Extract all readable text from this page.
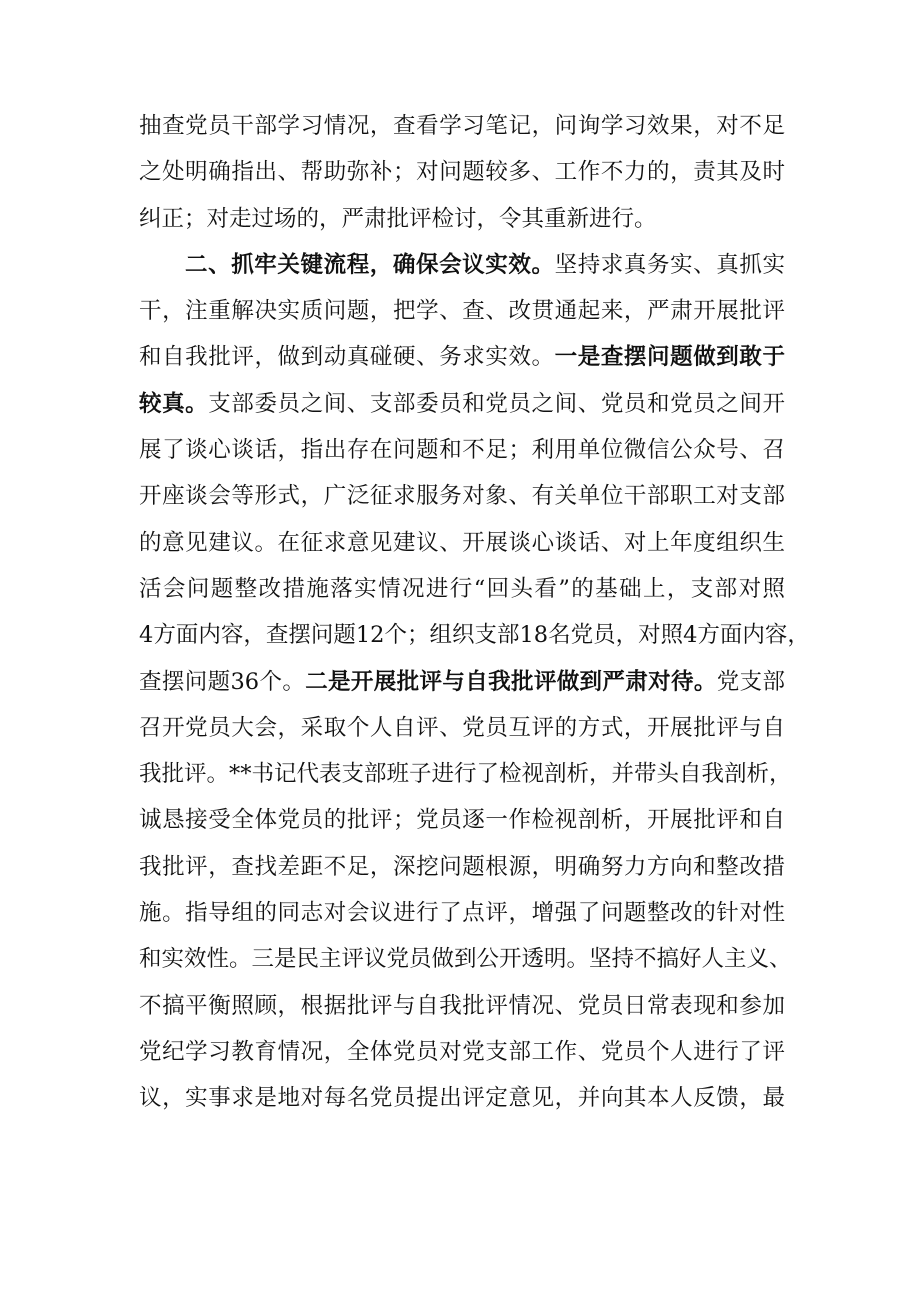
抽查党员干部学习情况，查看学习笔记，问询学习效果，对不足
之处明确指出、帮助弥补；对问题较多、工作不力的，责其及时
纠正；对走过场的，严肃批评检讨，令其重新进行。
二、抓牢关键流程，确保会议实效。坚持求真务实、真抓实
干，注重解决实质问题，把学、查、改贯通起来，严肃开展批评
和自我批评，做到动真碰硬、务求实效。一是查摆问题做到敢于
较真。支部委员之间、支部委员和党员之间、党员和党员之间开
展了谈心谈话，指出存在问题和不足；利用单位微信公众号、召
开座谈会等形式，广泛征求服务对象、有关单位干部职工对支部
的意见建议。在征求意见建议、开展谈心谈话、对上年度组织生
活会问题整改措施落实情况进行“回头看”的基础上，支部对照
4方面内容，查摆问题12个；组织支部18名党员，对照4方面内容，
查摆问题36个。二是开展批评与自我批评做到严肃对待。党支部
召开党员大会，采取个人自评、党员互评的方式，开展批评与自
我批评。**书记代表支部班子进行了检视剖析，并带头自我剖析，
诚恳接受全体党员的批评；党员逐一作检视剖析，开展批评和自
我批评，查找差距不足，深挖问题根源，明确努力方向和整改措
施。指导组的同志对会议进行了点评，增强了问题整改的针对性
和实效性。三是民主评议党员做到公开透明。坚持不搞好人主义、
不搞平衡照顾，根据批评与自我批评情况、党员日常表现和参加
党纪学习教育情况，全体党员对党支部工作、党员个人进行了评
议，实事求是地对每名党员提出评定意见，并向其本人反馈，最
